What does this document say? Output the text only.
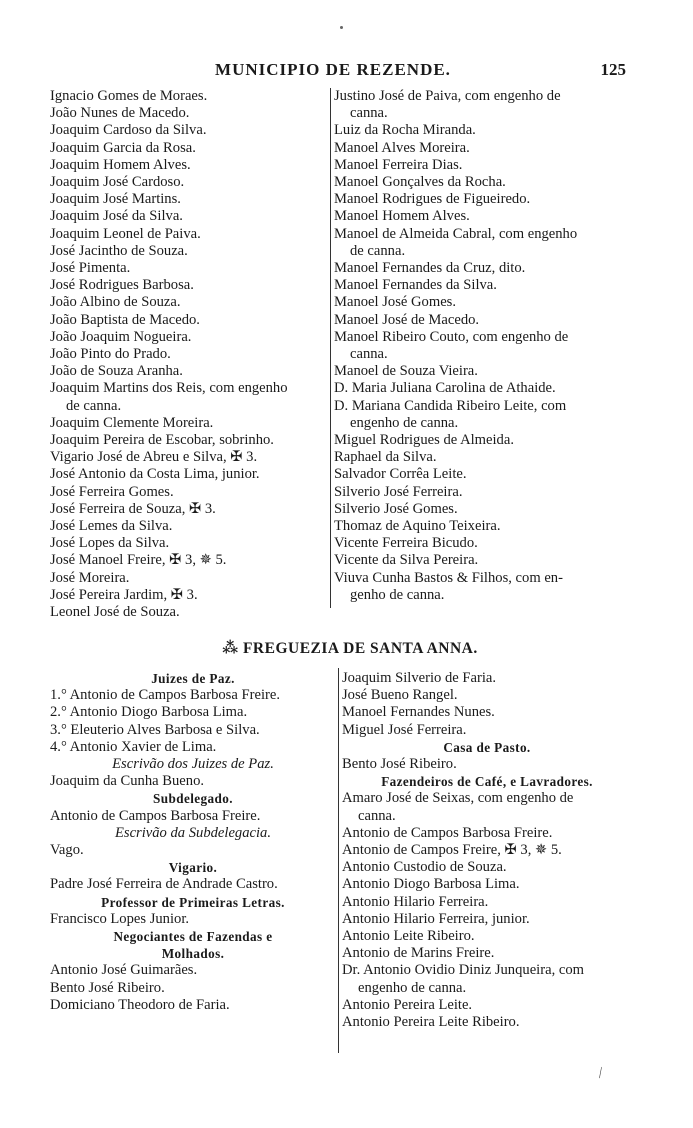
MUNICIPIO DE REZENDE.	125
Ignacio Gomes de Moraes.
João Nunes de Macedo.
Joaquim Cardoso da Silva.
Joaquim Garcia da Rosa.
Joaquim Homem Alves.
Joaquim José Cardoso.
Joaquim José Martins.
Joaquim José da Silva.
Joaquim Leonel de Paiva.
José Jacintho de Souza.
José Pimenta.
José Rodrigues Barbosa.
João Albino de Souza.
João Baptista de Macedo.
João Joaquim Nogueira.
João Pinto do Prado.
João de Souza Aranha.
Joaquim Martins dos Reis, com engenho
de canna.
Joaquim Clemente Moreira.
Joaquim Pereira de Escobar, sobrinho.
Vigario José de Abreu e Silva, ✠ 3.
José Antonio da Costa Lima, junior.
José Ferreira Gomes.
José Ferreira de Souza, ✠ 3.
José Lemes da Silva.
José Lopes da Silva.
José Manoel Freire, ✠ 3, ✵ 5.
José Moreira.
José Pereira Jardim, ✠ 3.
Leonel José de Souza.
Justino José de Paiva, com engenho de
canna.
Luiz da Rocha Miranda.
Manoel Alves Moreira.
Manoel Ferreira Dias.
Manoel Gonçalves da Rocha.
Manoel Rodrigues de Figueiredo.
Manoel Homem Alves.
Manoel de Almeida Cabral, com engenho
de canna.
Manoel Fernandes da Cruz, dito.
Manoel Fernandes da Silva.
Manoel José Gomes.
Manoel José de Macedo.
Manoel Ribeiro Couto, com engenho de
canna.
Manoel de Souza Vieira.
D. Maria Juliana Carolina de Athaide.
D. Mariana Candida Ribeiro Leite, com
engenho de canna.
Miguel Rodrigues de Almeida.
Raphael da Silva.
Salvador Corrêa Leite.
Silverio José Ferreira.
Silverio José Gomes.
Thomaz de Aquino Teixeira.
Vicente Ferreira Bicudo.
Vicente da Silva Pereira.
Viuva Cunha Bastos & Filhos, com en-
genho de canna.
⁂ FREGUEZIA DE SANTA ANNA.
Juizes de Paz.
1.° Antonio de Campos Barbosa Freire.
2.° Antonio Diogo Barbosa Lima.
3.° Eleuterio Alves Barbosa e Silva.
4.° Antonio Xavier de Lima.
Escrivão dos Juizes de Paz.
Joaquim da Cunha Bueno.
Subdelegado.
Antonio de Campos Barbosa Freire.
Escrivão da Subdelegacia.
Vago.
Vigario.
Padre José Ferreira de Andrade Castro.
Professor de Primeiras Letras.
Francisco Lopes Junior.
Negociantes de Fazendas e
Molhados.
Antonio José Guimarães.
Bento José Ribeiro.
Domiciano Theodoro de Faria.
Joaquim Silverio de Faria.
José Bueno Rangel.
Manoel Fernandes Nunes.
Miguel José Ferreira.
Casa de Pasto.
Bento José Ribeiro.
Fazendeiros de Café, e Lavradores.
Amaro José de Seixas, com engenho de
canna.
Antonio de Campos Barbosa Freire.
Antonio de Campos Freire, ✠ 3, ✵ 5.
Antonio Custodio de Souza.
Antonio Diogo Barbosa Lima.
Antonio Hilario Ferreira.
Antonio Hilario Ferreira, junior.
Antonio Leite Ribeiro.
Antonio de Marins Freire.
Dr. Antonio Ovidio Diniz Junqueira, com
engenho de canna.
Antonio Pereira Leite.
Antonio Pereira Leite Ribeiro.
∕
